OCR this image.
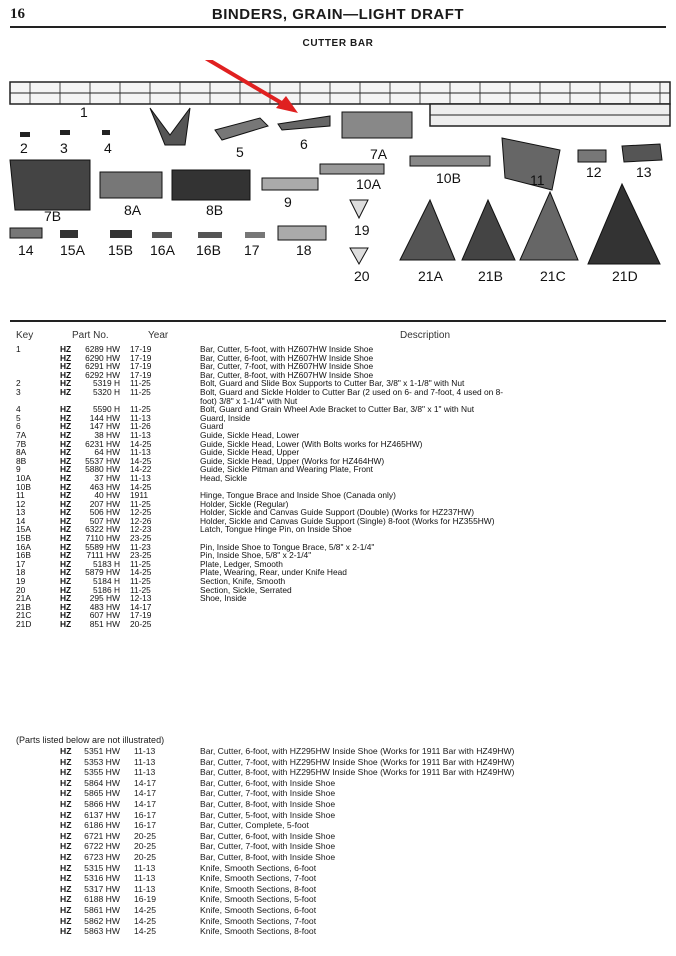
16	BINDERS, GRAIN—LIGHT DRAFT
CUTTER BAR
1
2 3	4	5	6
7A
7B	8A	8B	9
10A	10B	11	12 13
14 15A 15B 16A 16B 17	18
19
20	21A	21B	21C	21D
Key	Part No.	Year	Description
1	HZ	6289 HW 17-19	Bar, Cutter, 5-foot, with HZ607HW Inside Shoe
HZ	6290 HW 17-19	Bar, Cutter, 6-foot, with HZ607HW Inside Shoe
HZ	6291 HW 17-19	Bar, Cutter, 7-foot, with HZ607HW Inside Shoe
HZ	6292 HW 17-19	Bar, Cutter, 8-foot, with HZ607HW Inside Shoe
2	HZ	5319 H 11-25	Bolt, Guard and Slide Box Supports to Cutter Bar, 3/8" x 1-1/8" with Nut
3	HZ	5320 H 11-25	Bolt, Guard and Sickle Holder to Cutter Bar (2 used on 6- and 7-foot, 4 used on 8-
foot) 3/8" x 1-1/4" with Nut
4	HZ	5590 H 11-25	Bolt, Guard and Grain Wheel Axle Bracket to Cutter Bar, 3/8" x 1" with Nut
5	HZ	144 HW 11-13	Guard, Inside
6	HZ	147 HW 11-26	Guard
7A	HZ	38 HW 11-13	Guide, Sickle Head, Lower
7B	HZ	6231 HW 14-25	Guide, Sickle Head, Lower (With Bolts works for HZ465HW)
8A	HZ	64 HW 11-13	Guide, Sickle Head, Upper
8B	HZ	5537 HW 14-25	Guide, Sickle Head, Upper (Works for HZ464HW)
9	HZ	5880 HW 14-22	Guide, Sickle Pitman and Wearing Plate, Front
10A	HZ	37 HW 11-13	Head, Sickle
10B	HZ	463 HW 14-25
11	HZ	40 HW 1911	Hinge, Tongue Brace and Inside Shoe (Canada only)
12	HZ	207 HW 11-25	Holder, Sickle (Regular)
13	HZ	506 HW 12-25	Holder, Sickle and Canvas Guide Support (Double) (Works for HZ237HW)
14	HZ	507 HW 12-26	Holder, Sickle and Canvas Guide Support (Single) 8-foot (Works for HZ355HW)
15A	HZ	6322 HW 12-23	Latch, Tongue Hinge Pin, on Inside Shoe
15B	HZ	7110 HW 23-25
16A	HZ	5589 HW 11-23	Pin, Inside Shoe to Tongue Brace, 5/8" x 2-1/4"
16B	HZ	7111 HW 23-25	Pin, Inside Shoe, 5/8" x 2-1/4"
17	HZ	5183 H 11-25	Plate, Ledger, Smooth
18	HZ	5879 HW 14-25	Plate, Wearing, Rear, under Knife Head
19	HZ	5184 H 11-25	Section, Knife, Smooth
20	HZ	5186 H 11-25	Section, Sickle, Serrated
21A	HZ	295 HW 12-13	Shoe, Inside
21B	HZ	483 HW 14-17
21C	HZ	607 HW 17-19
21D	HZ	851 HW 20-25
(Parts listed below are not illustrated)
HZ	5351 HW 11-13	Bar, Cutter, 6-foot, with HZ295HW Inside Shoe (Works for 1911 Bar with HZ49HW)
HZ	5353 HW 11-13	Bar, Cutter, 7-foot, with HZ295HW Inside Shoe (Works for 1911 Bar with HZ49HW)
HZ	5355 HW 11-13	Bar, Cutter, 8-foot, with HZ295HW Inside Shoe (Works for 1911 Bar with HZ49HW)
HZ	5864 HW 14-17	Bar, Cutter, 6-foot, with Inside Shoe
HZ	5865 HW 14-17	Bar, Cutter, 7-foot, with Inside Shoe
HZ	5866 HW 14-17	Bar, Cutter, 8-foot, with Inside Shoe
HZ	6137 HW 16-17	Bar, Cutter, 5-foot, with Inside Shoe
HZ	6186 HW 16-17	Bar, Cutter, Complete, 5-foot
HZ	6721 HW 20-25	Bar, Cutter, 6-foot, with Inside Shoe
HZ	6722 HW 20-25	Bar, Cutter, 7-foot, with Inside Shoe
HZ	6723 HW 20-25	Bar, Cutter, 8-foot, with Inside Shoe
HZ	5315 HW 11-13	Knife, Smooth Sections, 6-foot
HZ	5316 HW 11-13	Knife, Smooth Sections, 7-foot
HZ	5317 HW 11-13	Knife, Smooth Sections, 8-foot
HZ	6188 HW 16-19	Knife, Smooth Sections, 5-foot
HZ	5861 HW 14-25	Knife, Smooth Sections, 6-foot
HZ	5862 HW 14-25	Knife, Smooth Sections, 7-foot
HZ	5863 HW 14-25	Knife, Smooth Sections, 8-foot
